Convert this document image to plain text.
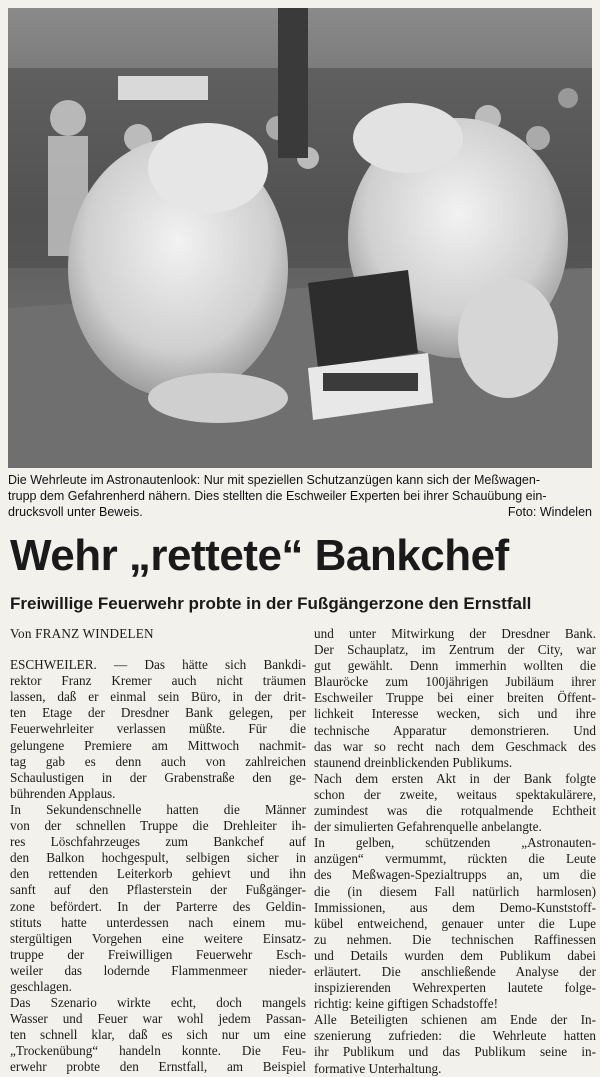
Die Wehrleute im Astronautenlook: Nur mit speziellen Schutzanzügen kann sich der Meßwagen-
trupp dem Gefahrenherd nähern. Dies stellten die Eschweiler Experten bei ihrer Schauübung ein-
drucksvoll unter Beweis.	Foto: Windelen
Wehr „rettete“ Bankchef
Freiwillige Feuerwehr probte in der Fußgängerzone den Ernstfall
Von FRANZ WINDELEN
ESCHWEILER. — Das hätte sich Bankdi-
rektor Franz Kremer auch nicht träumen
lassen, daß er einmal sein Büro, in der drit-
ten Etage der Dresdner Bank gelegen, per
Feuerwehrleiter verlassen müßte. Für die
gelungene Premiere am Mittwoch nachmit-
tag gab es denn auch von zahlreichen
Schaulustigen in der Grabenstraße den ge-
bührenden Applaus.
In Sekundenschnelle hatten die Männer
von der schnellen Truppe die Drehleiter ih-
res Löschfahrzeuges zum Bankchef auf
den Balkon hochgespult, selbigen sicher in
den rettenden Leiterkorb gehievt und ihn
sanft auf den Pflasterstein der Fußgänger-
zone befördert. In der Parterre des Geldin-
stituts hatte unterdessen nach einem mu-
stergültigen Vorgehen eine weitere Einsatz-
truppe der Freiwilligen Feuerwehr Esch-
weiler das lodernde Flammenmeer nieder-
geschlagen.
Das Szenario wirkte echt, doch mangels
Wasser und Feuer war wohl jedem Passan-
ten schnell klar, daß es sich nur um eine
„Trockenübung“ handeln konnte. Die Feu-
erwehr probte den Ernstfall, am Beispiel
und unter Mitwirkung der Dresdner Bank.
Der Schauplatz, im Zentrum der City, war
gut gewählt. Denn immerhin wollten die
Blauröcke zum 100jährigen Jubiläum ihrer
Eschweiler Truppe bei einer breiten Öffent-
lichkeit Interesse wecken, sich und ihre
technische Apparatur demonstrieren. Und
das war so recht nach dem Geschmack des
staunend dreinblickenden Publikums.
Nach dem ersten Akt in der Bank folgte
schon der zweite, weitaus spektakulärere,
zumindest was die rotqualmende Echtheit
der simulierten Gefahrenquelle anbelangte.
In gelben, schützenden „Astronauten-
anzügen“ vermummt, rückten die Leute
des Meßwagen-Spezialtrupps an, um die
die (in diesem Fall natürlich harmlosen)
Immissionen, aus dem Demo-Kunststoff-
kübel entweichend, genauer unter die Lupe
zu nehmen. Die technischen Raffinessen
und Details wurden dem Publikum dabei
erläutert. Die anschließende Analyse der
inspizierenden Wehrexperten lautete folge-
richtig: keine giftigen Schadstoffe!
Alle Beteiligten schienen am Ende der In-
szenierung zufrieden: die Wehrleute hatten
ihr Publikum und das Publikum seine in-
formative Unterhaltung.
